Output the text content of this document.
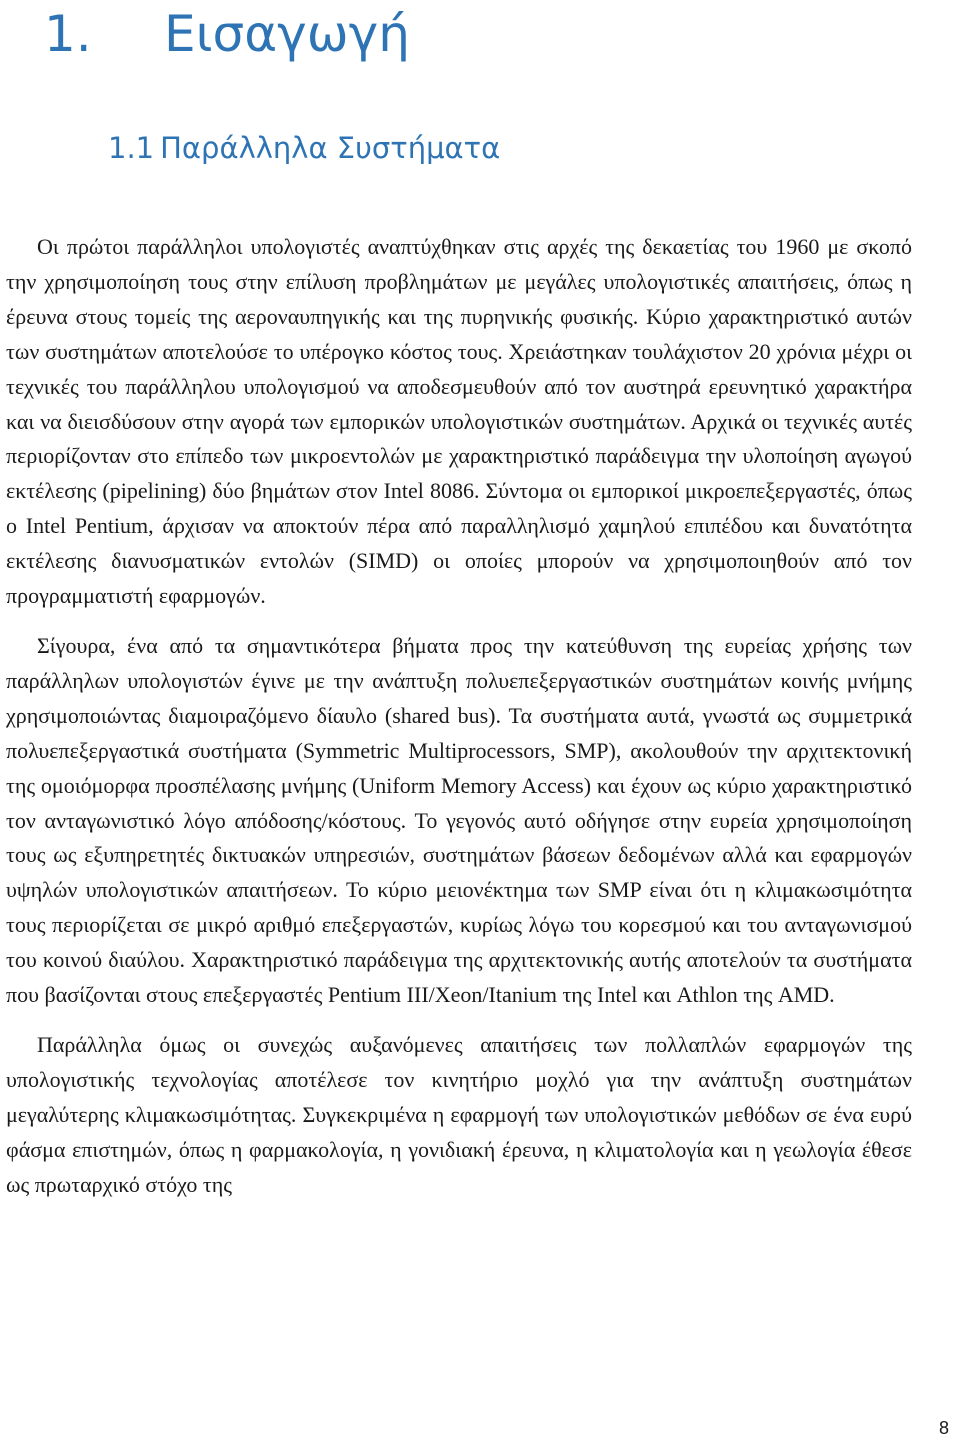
1. Εισαγωγή
1.1 Παράλληλα Συστήματα

Οι πρώτοι παράλληλοι υπολογιστές αναπτύχθηκαν στις αρχές της δεκαετίας του 1960 με σκοπό την χρησιμοποίηση τους στην επίλυση προβλημάτων με μεγάλες υπολογιστικές απαιτήσεις, όπως η έρευνα στους τομείς της αεροναυπηγικής και της πυρηνικής φυσικής. Κύριο χαρακτηριστικό αυτών των συστημάτων αποτελούσε το υπέρογκο κόστος τους. Χρειάστηκαν τουλάχιστον 20 χρόνια μέχρι οι τεχνικές του παράλληλου υπολογισμού να αποδεσμευθούν από τον αυστηρά ερευνητικό χαρακτήρα και να διεισδύσουν στην αγορά των εμπορικών υπολογιστικών συστημάτων. Αρχικά οι τεχνικές αυτές περιορίζονταν στο επίπεδο των μικροεντολών με χαρακτηριστικό παράδειγμα την υλοποίηση αγωγού εκτέλεσης (pipelining) δύο βημάτων στον Intel 8086. Σύντομα οι εμπορικοί μικροεπεξεργαστές, όπως ο Intel Pentium, άρχισαν να αποκτούν πέρα από παραλληλισμό χαμηλού επιπέδου και δυνατότητα εκτέλεσης διανυσματικών εντολών (SIMD) οι οποίες μπορούν να χρησιμοποιηθούν από τον προγραμματιστή εφαρμογών.

Σίγουρα, ένα από τα σημαντικότερα βήματα προς την κατεύθυνση της ευρείας χρήσης των παράλληλων υπολογιστών έγινε με την ανάπτυξη πολυεπεξεργαστικών συστημάτων κοινής μνήμης χρησιμοποιώντας διαμοιραζόμενο δίαυλο (shared bus). Τα συστήματα αυτά, γνωστά ως συμμετρικά πολυεπεξεργαστικά συστήματα (Symmetric Multiprocessors, SMP), ακολουθούν την αρχιτεκτονική της ομοιόμορφα προσπέλασης μνήμης (Uniform Memory Access) και έχουν ως κύριο χαρακτηριστικό τον ανταγωνιστικό λόγο απόδοσης/κόστους. Το γεγονός αυτό οδήγησε στην ευρεία χρησιμοποίηση τους ως εξυπηρετητές δικτυακών υπηρεσιών, συστημάτων βάσεων δεδομένων αλλά και εφαρμογών υψηλών υπολογιστικών απαιτήσεων. Το κύριο μειονέκτημα των SMP είναι ότι η κλιμακωσιμότητα τους περιορίζεται σε μικρό αριθμό επεξεργαστών, κυρίως λόγω του κορεσμού και του ανταγωνισμού του κοινού διαύλου. Χαρακτηριστικό παράδειγμα της αρχιτεκτονικής αυτής αποτελούν τα συστήματα που βασίζονται στους επεξεργαστές Pentium III/Xeon/Itanium της Intel και Athlon της AMD.

Παράλληλα όμως οι συνεχώς αυξανόμενες απαιτήσεις των πολλαπλών εφαρμογών της υπολογιστικής τεχνολογίας αποτέλεσε τον κινητήριο μοχλό για την ανάπτυξη συστημάτων μεγαλύτερης κλιμακωσιμότητας. Συγκεκριμένα η εφαρμογή των υπολογιστικών μεθόδων σε ένα ευρύ φάσμα επιστημών, όπως η φαρμακολογία, η γονιδιακή έρευνα, η κλιματολογία και η γεωλογία έθεσε ως πρωταρχικό στόχο της

8
